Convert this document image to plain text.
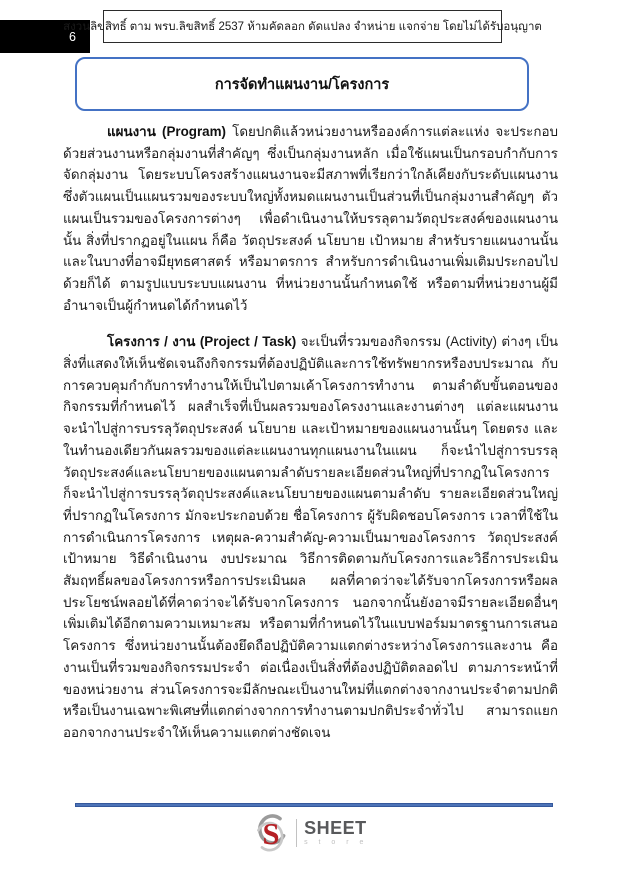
6
สงวนลิขสิทธิ์ ตาม พรบ.ลิขสิทธิ์ 2537 ห้ามคัดลอก ดัดแปลง จำหน่าย แจกจ่าย โดยไม่ได้รับอนุญาต
การจัดทำแผนงาน/โครงการ

แผนงาน (Program) โดยปกติแล้วหน่วยงานหรือองค์การแต่ละแห่ง จะประกอบด้วยส่วนงานหรือกลุ่มงานที่สำคัญๆ ซึ่งเป็นกลุ่มงานหลัก เมื่อใช้แผนเป็นกรอบกำกับการจัดกลุ่มงาน โดยระบบโครงสร้างแผนงานจะมีสภาพที่เรียกว่าใกล้เคียงกับระดับแผนงาน ซึ่งตัวแผนเป็นแผนรวมของระบบใหญ่ทั้งหมดแผนงานเป็นส่วนที่เป็นกลุ่มงานสำคัญๆ ตัวแผนเป็นรวมของโครงการต่างๆ เพื่อดำเนินงานให้บรรลุตามวัตถุประสงค์ของแผนงานนั้น สิ่งที่ปรากฏอยู่ในแผน ก็คือ วัตถุประสงค์ นโยบาย เป้าหมาย สำหรับรายแผนงานนั้นและในบางที่อาจมียุทธศาสตร์ หรือมาตรการ สำหรับการดำเนินงานเพิ่มเติมประกอบไปด้วยก็ได้ ตามรูปแบบระบบแผนงาน ที่หน่วยงานนั้นกำหนดใช้ หรือตามที่หน่วยงานผู้มีอำนาจเป็นผู้กำหนดได้กำหนดไว้

โครงการ / งาน (Project / Task) จะเป็นที่รวมของกิจกรรม (Activity) ต่างๆ เป็นสิ่งที่แสดงให้เห็นชัดเจนถึงกิจกรรมที่ต้องปฏิบัติและการใช้ทรัพยากรหรืองบประมาณ กับการควบคุมกำกับการทำงานให้เป็นไปตามเค้าโครงการทำงาน ตามลำดับขั้นตอนของกิจกรรมที่กำหนดไว้ ผลสำเร็จที่เป็นผลรวมของโครงงานและงานต่างๆ แต่ละแผนงาน จะนำไปสู่การบรรลุวัตถุประสงค์ นโยบาย และเป้าหมายของแผนงานนั้นๆ โดยตรง และในทำนองเดียวกันผลรวมของแต่ละแผนงานทุกแผนงานในแผน ก็จะนำไปสู่การบรรลุวัตถุประสงค์และนโยบายของแผนตามลำดับรายละเอียดส่วนใหญ่ที่ปรากฏในโครงการ ก็จะนำไปสู่การบรรลุวัตถุประสงค์และนโยบายของแผนตามลำดับ รายละเอียดส่วนใหญ่ที่ปรากฏในโครงการ มักจะประกอบด้วย ชื่อโครงการ ผู้รับผิดชอบโครงการ เวลาที่ใช้ในการดำเนินการโครงการ เหตุผล-ความสำคัญ-ความเป็นมาของโครงการ วัตถุประสงค์ เป้าหมาย วิธีดำเนินงาน งบประมาณ วิธีการติดตามกับโครงการและวิธีการประเมินสัมฤทธิ์ผลของโครงการหรือการประเมินผล ผลที่คาดว่าจะได้รับจากโครงการหรือผลประโยชน์พลอยได้ที่คาดว่าจะได้รับจากโครงการ นอกจากนั้นยังอาจมีรายละเอียดอื่นๆ เพิ่มเติมได้อีกตามความเหมาะสม หรือตามที่กำหนดไว้ในแบบฟอร์มมาตรฐานการเสนอโครงการ ซึ่งหน่วยงานนั้นต้องยึดถือปฏิบัติความแตกต่างระหว่างโครงการและงาน คือ งานเป็นที่รวมของกิจกรรมประจำ ต่อเนื่องเป็นสิ่งที่ต้องปฏิบัติตลอดไป ตามภาระหน้าที่ของหน่วยงาน ส่วนโครงการจะมีลักษณะเป็นงานใหม่ที่แตกต่างจากงานประจำตามปกติ หรือเป็นงานเฉพาะพิเศษที่แตกต่างจากการทำงานตามปกติประจำทั่วไป สามารถแยกออกจากงานประจำให้เห็นความแตกต่างชัดเจน

S SHEET
s t o r e
